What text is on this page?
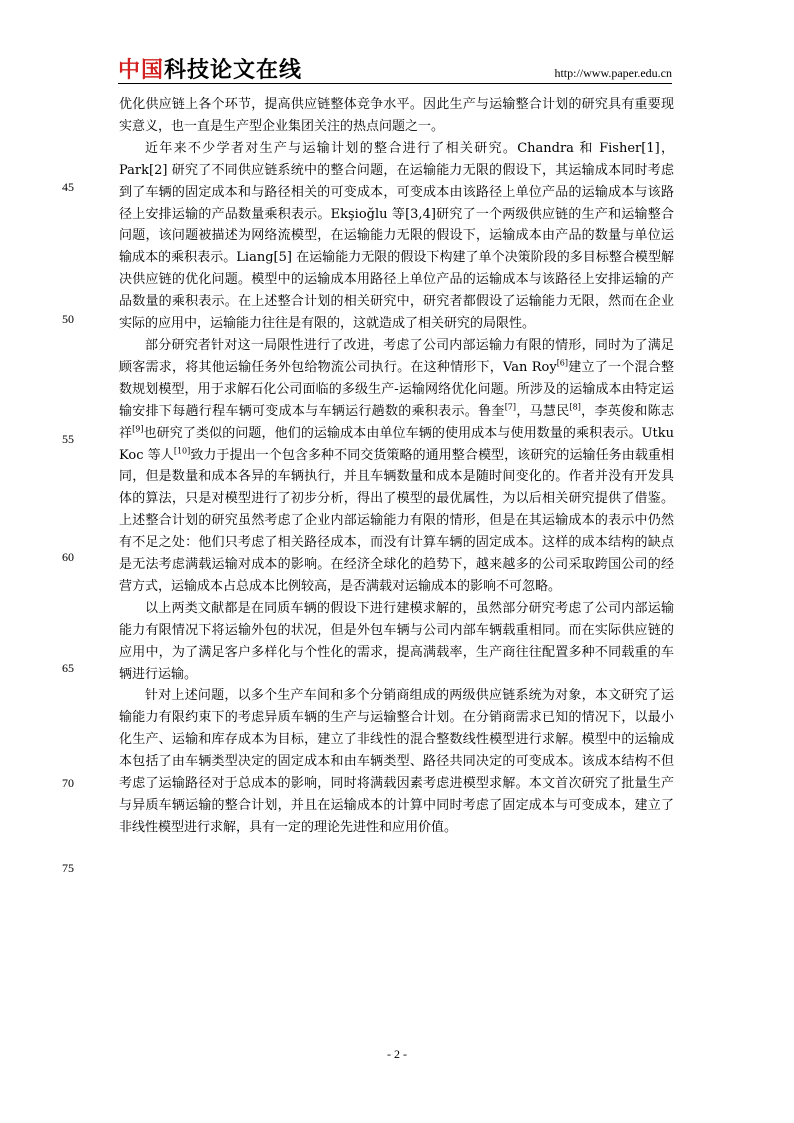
中国科技论文在线	http://www.paper.edu.cn
45
50
55
60
65
70
75

优化供应链上各个环节，提高供应链整体竞争水平。因此生产与运输整合计划的研究具有重要现实意义，也一直是生产型企业集团关注的热点问题之一。

近年来不少学者对生产与运输计划的整合进行了相关研究。Chandra 和 Fisher[1]，Park[2] 研究了不同供应链系统中的整合问题，在运输能力无限的假设下，其运输成本同时考虑到了车辆的固定成本和与路径相关的可变成本，可变成本由该路径上单位产品的运输成本与该路径上安排运输的产品数量乘积表示。Ekşioğlu 等[3,4]研究了一个两级供应链的生产和运输整合问题，该问题被描述为网络流模型，在运输能力无限的假设下，运输成本由产品的数量与单位运输成本的乘积表示。Liang[5] 在运输能力无限的假设下构建了单个决策阶段的多目标整合模型解决供应链的优化问题。模型中的运输成本用路径上单位产品的运输成本与该路径上安排运输的产品数量的乘积表示。在上述整合计划的相关研究中，研究者都假设了运输能力无限，然而在企业实际的应用中，运输能力往往是有限的，这就造成了相关研究的局限性。

部分研究者针对这一局限性进行了改进，考虑了公司内部运输力有限的情形，同时为了满足顾客需求，将其他运输任务外包给物流公司执行。在这种情形下，Van Roy[6]建立了一个混合整数规划模型，用于求解石化公司面临的多级生产-运输网络优化问题。所涉及的运输成本由特定运输安排下每趟行程车辆可变成本与车辆运行趟数的乘积表示。鲁奎[7]，马慧民[8]，李英俊和陈志祥[9]也研究了类似的问题，他们的运输成本由单位车辆的使用成本与使用数量的乘积表示。Utku Koc 等人[10]致力于提出一个包含多种不同交货策略的通用整合模型，该研究的运输任务由载重相同，但是数量和成本各异的车辆执行，并且车辆数量和成本是随时间变化的。作者并没有开发具体的算法，只是对模型进行了初步分析，得出了模型的最优属性，为以后相关研究提供了借鉴。上述整合计划的研究虽然考虑了企业内部运输能力有限的情形，但是在其运输成本的表示中仍然有不足之处：他们只考虑了相关路径成本，而没有计算车辆的固定成本。这样的成本结构的缺点是无法考虑满载运输对成本的影响。在经济全球化的趋势下，越来越多的公司采取跨国公司的经营方式，运输成本占总成本比例较高，是否满载对运输成本的影响不可忽略。

以上两类文献都是在同质车辆的假设下进行建模求解的，虽然部分研究考虑了公司内部运输能力有限情况下将运输外包的状况，但是外包车辆与公司内部车辆载重相同。而在实际供应链的应用中，为了满足客户多样化与个性化的需求，提高满载率，生产商往往配置多种不同载重的车辆进行运输。

针对上述问题，以多个生产车间和多个分销商组成的两级供应链系统为对象，本文研究了运输能力有限约束下的考虑异质车辆的生产与运输整合计划。在分销商需求已知的情况下，以最小化生产、运输和库存成本为目标，建立了非线性的混合整数线性模型进行求解。模型中的运输成本包括了由车辆类型决定的固定成本和由车辆类型、路径共同决定的可变成本。该成本结构不但考虑了运输路径对于总成本的影响，同时将满载因素考虑进模型求解。本文首次研究了批量生产与异质车辆运输的整合计划，并且在运输成本的计算中同时考虑了固定成本与可变成本，建立了非线性模型进行求解，具有一定的理论先进性和应用价值。

- 2 -
